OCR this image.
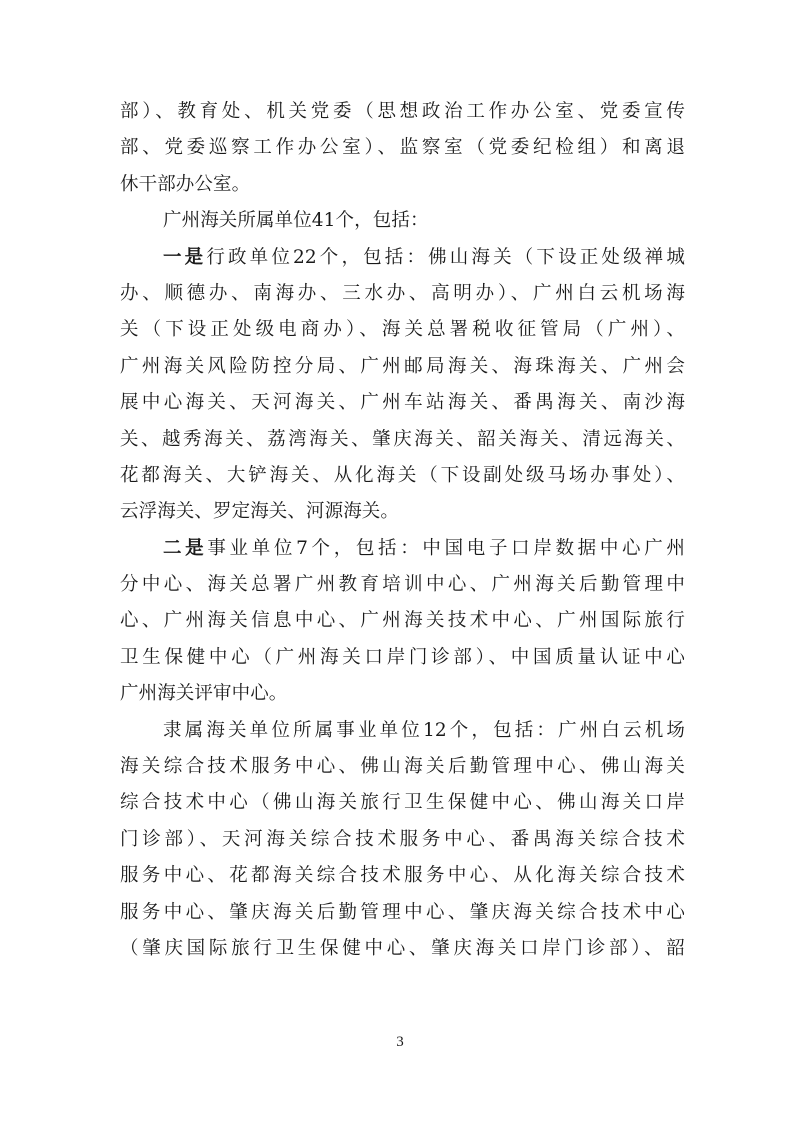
部）、教育处、机关党委（思想政治工作办公室、党委宣传
部、党委巡察工作办公室）、监察室（党委纪检组）和离退
休干部办公室。
广州海关所属单位41个，包括：
一是行政单位22个，包括：佛山海关（下设正处级禅城
办、顺德办、南海办、三水办、高明办）、广州白云机场海
关（下设正处级电商办）、海关总署税收征管局（广州）、
广州海关风险防控分局、广州邮局海关、海珠海关、广州会
展中心海关、天河海关、广州车站海关、番禺海关、南沙海
关、越秀海关、荔湾海关、肇庆海关、韶关海关、清远海关、
花都海关、大铲海关、从化海关（下设副处级马场办事处）、
云浮海关、罗定海关、河源海关。
二是事业单位7个，包括：中国电子口岸数据中心广州
分中心、海关总署广州教育培训中心、广州海关后勤管理中
心、广州海关信息中心、广州海关技术中心、广州国际旅行
卫生保健中心（广州海关口岸门诊部）、中国质量认证中心
广州海关评审中心。
隶属海关单位所属事业单位12个，包括：广州白云机场
海关综合技术服务中心、佛山海关后勤管理中心、佛山海关
综合技术中心（佛山海关旅行卫生保健中心、佛山海关口岸
门诊部）、天河海关综合技术服务中心、番禺海关综合技术
服务中心、花都海关综合技术服务中心、从化海关综合技术
服务中心、肇庆海关后勤管理中心、肇庆海关综合技术中心
（肇庆国际旅行卫生保健中心、肇庆海关口岸门诊部）、韶
3
